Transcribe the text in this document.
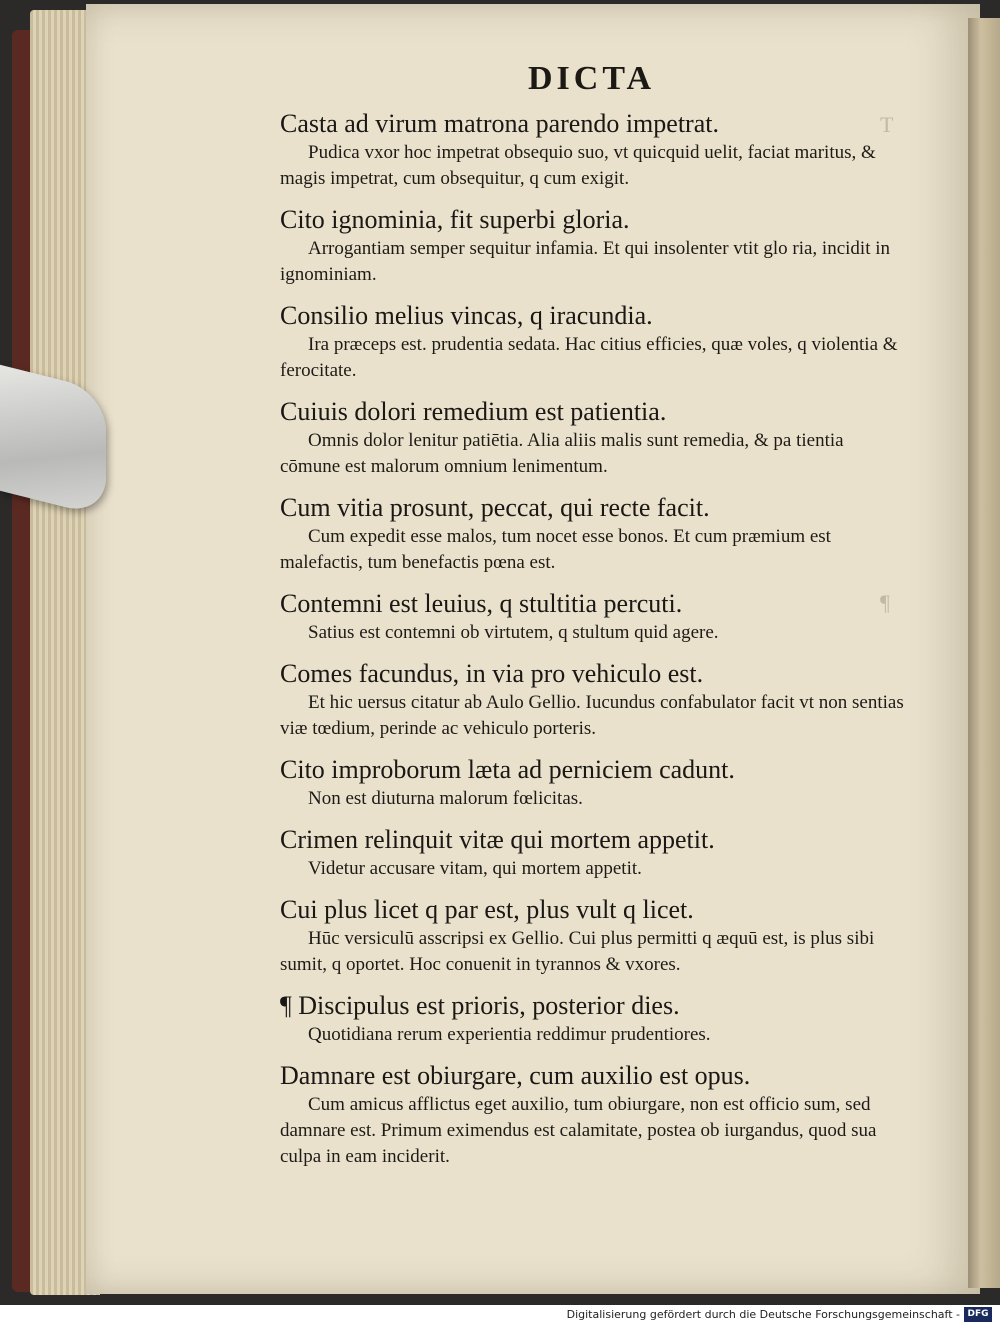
T
¶
DICTA
Casta ad virum matrona parendo impetrat.
Pudica vxor hoc impetrat obsequio suo, vt quicquid uelit, faciat maritus, & magis impetrat, cum obsequitur, q cum exigit.
Cito ignominia, fit superbi gloria.
Arrogantiam semper sequitur infamia. Et qui insolenter vtit glo ria, incidit in ignominiam.
Consilio melius vincas, q iracundia.
Ira præceps est. prudentia sedata. Hac citius efficies, quæ voles, q violentia & ferocitate.
Cuiuis dolori remedium est patientia.
Omnis dolor lenitur patiētia. Alia aliis malis sunt remedia, & pa tientia cōmune est malorum omnium lenimentum.
Cum vitia prosunt, peccat, qui recte facit.
Cum expedit esse malos, tum nocet esse bonos. Et cum præmium est malefactis, tum benefactis pœna est.
Contemni est leuius, q stultitia percuti.
Satius est contemni ob virtutem, q stultum quid agere.
Comes facundus, in via pro vehiculo est.
Et hic uersus citatur ab Aulo Gellio. Iucundus confabulator facit vt non sentias viæ tœdium, perinde ac vehiculo porteris.
Cito improborum læta ad perniciem cadunt.
Non est diuturna malorum fœlicitas.
Crimen relinquit vitæ qui mortem appetit.
Videtur accusare vitam, qui mortem appetit.
Cui plus licet q par est, plus vult q licet.
Hūc versiculū asscripsi ex Gellio. Cui plus permitti q æquū est, is plus sibi sumit, q oportet. Hoc conuenit in tyrannos & vxores.
¶ Discipulus est prioris, posterior dies.
Quotidiana rerum experientia reddimur prudentiores.
Damnare est obiurgare, cum auxilio est opus.
Cum amicus afflictus eget auxilio, tum obiurgare, non est officio sum, sed damnare est. Primum eximendus est calamitate, postea ob iurgandus, quod sua culpa in eam inciderit.
Digitalisierung gefördert durch die Deutsche Forschungsgemeinschaft - DFG
